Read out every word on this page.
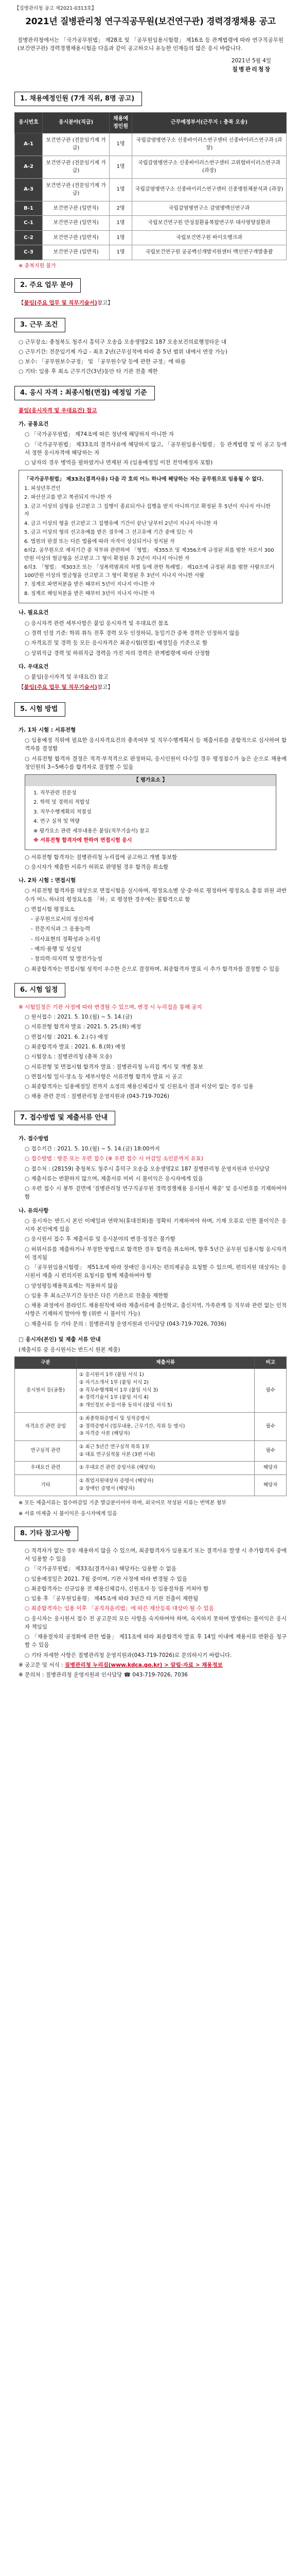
【질병관리청 공고 제2021-0313호】
2021년 질병관리청 연구직공무원(보건연구관) 경력경쟁채용 공고

질병관리청에서는 「국가공무원법」 제28조 및 「공무원임용시험령」 제16조 등 관계법령에 따라 연구직공무원(보건연구관) 경력경쟁채용시험을 다음과 같이 공고하오니 유능한 인재들의 많은 응시 바랍니다.

2021년 5월 4일
질병관리청장
1. 채용예정인원 (7개 직위, 8명 공고)
응시번호	응시분야(직급)	채용예정인원	근무예정부서(근무지 : 충북 오송)
A-1	보건연구관 (전문임기제 가급)	1명	국립감염병연구소 신종바이러스연구센터 신종바이러스연구과 (과장)
A-2	보건연구관 (전문임기제 가급)	1명	국립감염병연구소 신종바이러스연구센터 고위험바이러스연구과 (과장)
A-3	보건연구관 (전문임기제 가급)	1명	국립감염병연구소 신종바이러스연구센터 신종병원체분석과 (과장)
B-1	보건연구관 (일반직)	2명	국립감염병연구소 감염병백신연구과
C-1	보건연구관 (일반직)	1명	국립보건연구원 만성질환융복합연구부 대사영양질환과
C-2	보건연구관 (일반직)	1명	국립보건연구원 바이오뱅크과
C-3	보건연구관 (일반직)	1명	국립보건연구원 공공백신개발지원센터 백신연구개발총괄
※ 중복지원 불가
2. 주요 업무 분야
【붙임(주요 업무 및 직무기술서)참고】
3. 근무 조건

○ 근무장소: 충청북도 청주시 흥덕구 오송읍 오송생명2로 187 오송보건의료행정타운 내

○ 근무기간: 전문임기제 가급 - 최초 2년(근무실적에 따라 총 5년 범위 내에서 연장 가능)

○ 보수: 「공무원보수규정」 및 「공무원수당 등에 관한 규정」에 따름

○ 기타: 임용 후 최소 근무기간(3년)동안 타 기관 전출 제한

4. 응시 자격 : 최종시험(면접) 예정일 기준
붙임(응시자격 및 우대요건) 참고

가. 공통요건

○ 「국가공무원법」 제74조에 따른 정년에 해당하지 아니한 자

○ 「국가공무원법」 제33조의 결격사유에 해당하지 않고, 「공무원임용시험령」 등 관계법령 및 이 공고 등에서 정한 응시자격에 해당하는 자

○ 남자의 경우 병역을 필하였거나 면제된 자 (임용예정일 이전 전역예정자 포함)

「국가공무원법」 제33조(결격사유) 다음 각 호의 어느 하나에 해당하는 자는 공무원으로 임용될 수 없다.

1. 피성년후견인

2. 파산선고를 받고 복권되지 아니한 자

3. 금고 이상의 실형을 선고받고 그 집행이 종료되거나 집행을 받지 아니하기로 확정된 후 5년이 지나지 아니한 자

4. 금고 이상의 형을 선고받고 그 집행유예 기간이 끝난 날부터 2년이 지나지 아니한 자

5. 금고 이상의 형의 선고유예를 받은 경우에 그 선고유예 기간 중에 있는 자

6. 법원의 판결 또는 다른 법률에 따라 자격이 상실되거나 정지된 자

6의2. 공무원으로 재직기간 중 직무와 관련하여 「형법」 제355조 및 제356조에 규정된 죄를 범한 자로서 300만원 이상의 벌금형을 선고받고 그 형이 확정된 후 2년이 지나지 아니한 자

6의3. 「형법」 제303조 또는 「성폭력범죄의 처벌 등에 관한 특례법」 제10조에 규정된 죄를 범한 사람으로서 100만원 이상의 벌금형을 선고받고 그 형이 확정된 후 3년이 지나지 아니한 사람

7. 징계로 파면처분을 받은 때부터 5년이 지나지 아니한 자

8. 징계로 해임처분을 받은 때부터 3년이 지나지 아니한 자

나. 필요요건

○ 응시자격 관련 세부사항은 붙임 응시자격 및 우대요건 참조

○ 경력 인정 기준: 학위 취득 전후 경력 모두 인정하되, 동일기간 중복 경력은 인정하지 않음

○ 자격요건 및 경력 등 모든 응시자격은 최종시험(면접) 예정일을 기준으로 함

○ 상위직급 경력 및 하위직급 경력을 가진 자의 경력은 관계법령에 따라 산정함

다. 우대요건

○ 붙임(응시자격 및 우대요건) 참고

【붙임(주요 업무 및 직무기술서)참고】
5. 시험 방법

가. 1차 시험 : 서류전형

○ 임용예정 직위에 필요한 응시자격요건의 충족여부 및 직무수행계획서 등 제출서류를 종합적으로 심사하여 합격자를 결정함

○ 서류전형 합격자 결정은 적격·부적격으로 판정하되, 응시인원이 다수일 경우 평정점수가 높은 순으로 채용예정인원의 3~5배수를 합격자로 결정할 수 있음

【 평가요소 】

1. 직무관련 전문성

2. 학력 및 경력의 적합성

3. 직무수행계획의 적절성

4. 연구 실적 및 역량

※ 평가요소 관련 세부내용은 붙임(직무기술서) 참고

※ 서류전형 합격자에 한하여 면접시험 응시

○ 서류전형 합격자는 질병관리청 누리집에 공고하고 개별 통보함

○ 응시자가 제출한 서류가 허위로 판명될 경우 합격을 취소함

나. 2차 시험 : 면접시험

○ 서류전형 합격자를 대상으로 면접시험을 실시하며, 평정요소별 상·중·하로 평정하여 평정요소 총점 위원 과반수가 어느 하나의 평정요소를 「하」로 평정한 경우에는 불합격으로 함

○ 면접시험 평정요소

- 공무원으로서의 정신자세

- 전문지식과 그 응용능력

- 의사표현의 정확성과 논리성

- 예의·품행 및 성실성

- 창의력·의지력 및 발전가능성

○ 최종합격자는 면접시험 성적이 우수한 순으로 결정하며, 최종합격자 발표 시 추가 합격자를 결정할 수 있음

6. 시험 일정

※ 시험일정은 기관 사정에 따라 변경될 수 있으며, 변경 시 누리집을 통해 공지

○ 원서접수 : 2021. 5. 10.(월) ~ 5. 14.(금)

○ 서류전형 합격자 발표 : 2021. 5. 25.(화) 예정

○ 면접시험 : 2021. 6. 2.(수) 예정

○ 최종합격자 발표 : 2021. 6. 8.(화) 예정

○ 시험장소 : 질병관리청 (충북 오송)

○ 서류전형 및 면접시험 합격자 발표 : 질병관리청 누리집 게시 및 개별 통보

○ 면접시험 일시·장소 등 세부사항은 서류전형 합격자 발표 시 공고

○ 최종합격자는 임용예정일 전까지 소정의 채용신체검사 및 신원조사 결과 이상이 없는 경우 임용

○ 채용 관련 문의 : 질병관리청 운영지원과 (043-719-7026)

7. 접수방법 및 제출서류 안내

가. 접수방법

○ 접수기간 : 2021. 5. 10.(월) ~ 5. 14.(금) 18:00까지

○ 접수방법 : 방문 또는 우편 접수 (※ 우편 접수 시 마감일 소인분까지 유효)

○ 접수처 : (28159) 충청북도 청주시 흥덕구 오송읍 오송생명2로 187 질병관리청 운영지원과 인사담당

○ 제출서류는 반환하지 않으며, 제출서류 미비 시 불이익은 응시자에게 있음

○ 우편 접수 시 봉투 겉면에 '질병관리청 연구직공무원 경력경쟁채용 응시원서 재중' 및 응시번호를 기재하여야 함

나. 유의사항

○ 응시자는 반드시 본인 이메일과 연락처(휴대전화)를 정확히 기재하여야 하며, 기재 오류로 인한 불이익은 응시자 본인에게 있음

○ 응시원서 접수 후 제출서류 및 응시분야의 변경·정정은 불가함

○ 허위서류를 제출하거나 부정한 방법으로 합격한 경우 합격을 취소하며, 향후 5년간 공무원 임용시험 응시자격이 정지됨

○ 「공무원임용시험령」 제51조에 따라 장애인 응시자는 편의제공을 요청할 수 있으며, 편의지원 대상자는 응시원서 제출 시 편의지원 요청서를 함께 제출하여야 함

○ 양성평등채용목표제는 적용하지 않음

○ 임용 후 최소근무기간 동안은 다른 기관으로 전출을 제한함

○ 채용 과정에서 블라인드 채용원칙에 따라 제출서류에 출신학교, 출신지역, 가족관계 등 직무와 관련 없는 인적사항은 기재하지 말아야 함 (위반 시 불이익 가능)

○ 제출서류 등 기타 문의 : 질병관리청 운영지원과 인사담당 (043-719-7026, 7036)

□ 응시자(본인) 및 제출 서류 안내

(제출서류 중 응시원서는 반드시 원본 제출)

구분	제출서류	비고
응시원서 등(공통)	① 응시원서 1부 (붙임 서식 1)
② 자기소개서 1부 (붙임 서식 2)
③ 직무수행계획서 1부 (붙임 서식 3)
④ 경력기술서 1부 (붙임 서식 4)
⑤ 개인정보 수집·이용 동의서 (붙임 서식 5)	필수
자격요건 관련 증빙	① 최종학위증명서 및 성적증명서
② 경력증명서 (업무내용, 근무기간, 직위 등 명시)
③ 자격증 사본 (해당자)	필수
연구실적 관련	① 최근 5년간 연구실적 목록 1부
② 대표 연구실적물 사본 (3편 이내)	필수
우대요건 관련	① 우대요건 관련 증빙서류 (해당자)	해당자
기타	① 취업지원대상자 증명서 (해당자)
② 장애인 증명서 (해당자)	해당자

※ 모든 제출서류는 접수마감일 기준 발급분이어야 하며, 외국어로 작성된 서류는 번역본 첨부

※ 서류 미제출 시 불이익은 응시자에게 있음

8. 기타 참고사항

○ 적격자가 없는 경우 채용하지 않을 수 있으며, 최종합격자가 임용포기 또는 결격사유 발생 시 추가합격자 중에서 임용할 수 있음

○ 「국가공무원법」 제33조(결격사유) 해당자는 임용할 수 없음

○ 임용예정일은 2021. 7월 중이며, 기관 사정에 따라 변경될 수 있음

○ 최종합격자는 신규임용 전 채용신체검사, 신원조사 등 임용절차를 거쳐야 함

○ 임용 후 「공무원임용령」 제45조에 따라 3년간 타 기관 전출이 제한됨

○ 최종합격자는 임용 이후 「공직자윤리법」에 따른 재산등록 대상이 될 수 있음

○ 응시자는 응시원서 접수 전 공고문의 모든 사항을 숙지하여야 하며, 숙지하지 못하여 발생하는 불이익은 응시자 책임임

○ 「채용절차의 공정화에 관한 법률」 제11조에 따라 최종합격자 발표 후 14일 이내에 채용서류 반환을 청구할 수 있음

○ 기타 자세한 사항은 질병관리청 운영지원과(043-719-7026)로 문의하시기 바랍니다.

※ 공고문 및 서식 : 질병관리청 누리집(www.kdca.go.kr) > 알림·자료 > 채용정보

※ 문의처 : 질병관리청 운영지원과 인사담당 ☎ 043-719-7026, 7036
